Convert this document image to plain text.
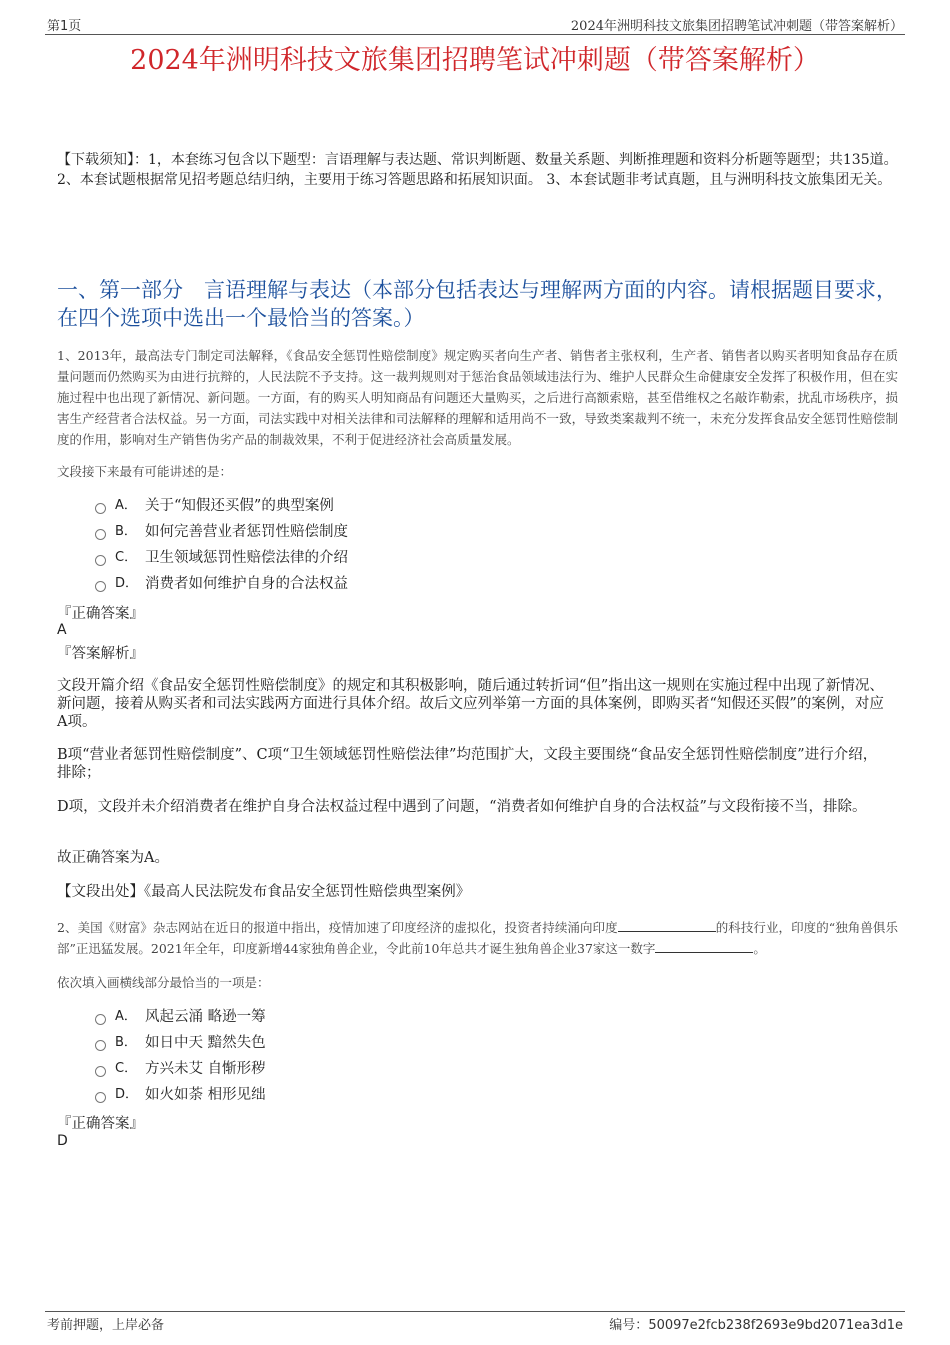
第1页	2024年洲明科技文旅集团招聘笔试冲刺题（带答案解析）
2024年洲明科技文旅集团招聘笔试冲刺题（带答案解析）
【下载须知】：1，本套练习包含以下题型：言语理解与表达题、常识判断题、数量关系题、判断推理题和资料分析题等题型；共135道。 2、本套试题根据常见招考题总结归纳，主要用于练习答题思路和拓展知识面。 3、本套试题非考试真题，且与洲明科技文旅集团无关。
一、第一部分　言语理解与表达（本部分包括表达与理解两方面的内容。请根据题目要求，在四个选项中选出一个最恰当的答案。）
1、2013年，最高法专门制定司法解释，《食品安全惩罚性赔偿制度》规定购买者向生产者、销售者主张权利，生产者、销售者以购买者明知食品存在质量问题而仍然购买为由进行抗辩的，人民法院不予支持。这一裁判规则对于惩治食品领域违法行为、维护人民群众生命健康安全发挥了积极作用，但在实施过程中也出现了新情况、新问题。一方面，有的购买人明知商品有问题还大量购买，之后进行高额索赔，甚至借维权之名敲诈勒索，扰乱市场秩序，损害生产经营者合法权益。另一方面，司法实践中对相关法律和司法解释的理解和适用尚不一致，导致类案裁判不统一，未充分发挥食品安全惩罚性赔偿制度的作用，影响对生产销售伪劣产品的制裁效果，不利于促进经济社会高质量发展。
文段接下来最有可能讲述的是：
A． 关于“知假还买假”的典型案例
B． 如何完善营业者惩罚性赔偿制度
C． 卫生领域惩罚性赔偿法律的介绍
D． 消费者如何维护自身的合法权益
『正确答案』
A
『答案解析』
文段开篇介绍《食品安全惩罚性赔偿制度》的规定和其积极影响，随后通过转折词“但”指出这一规则在实施过程中出现了新情况、新问题，接着从购买者和司法实践两方面进行具体介绍。故后文应列举第一方面的具体案例，即购买者“知假还买假”的案例，对应A项。
B项“营业者惩罚性赔偿制度”、C项“卫生领域惩罚性赔偿法律”均范围扩大，文段主要围绕“食品安全惩罚性赔偿制度”进行介绍，排除；
D项，文段并未介绍消费者在维护自身合法权益过程中遇到了问题，“消费者如何维护自身的合法权益”与文段衔接不当，排除。
故正确答案为A。
【文段出处】《最高人民法院发布食品安全惩罚性赔偿典型案例》
2、美国《财富》杂志网站在近日的报道中指出，疫情加速了印度经济的虚拟化，投资者持续涌向印度	的科技行业，印度的“独角兽俱乐部”正迅猛发展。2021年全年，印度新增44家独角兽企业，令此前10年总共才诞生独角兽企业37家这一数字	。
依次填入画横线部分最恰当的一项是：
A． 风起云涌 略逊一筹
B． 如日中天 黯然失色
C． 方兴未艾 自惭形秽
D． 如火如荼 相形见绌
『正确答案』
D
考前押题，上岸必备	编号：50097e2fcb238f2693e9bd2071ea3d1e
